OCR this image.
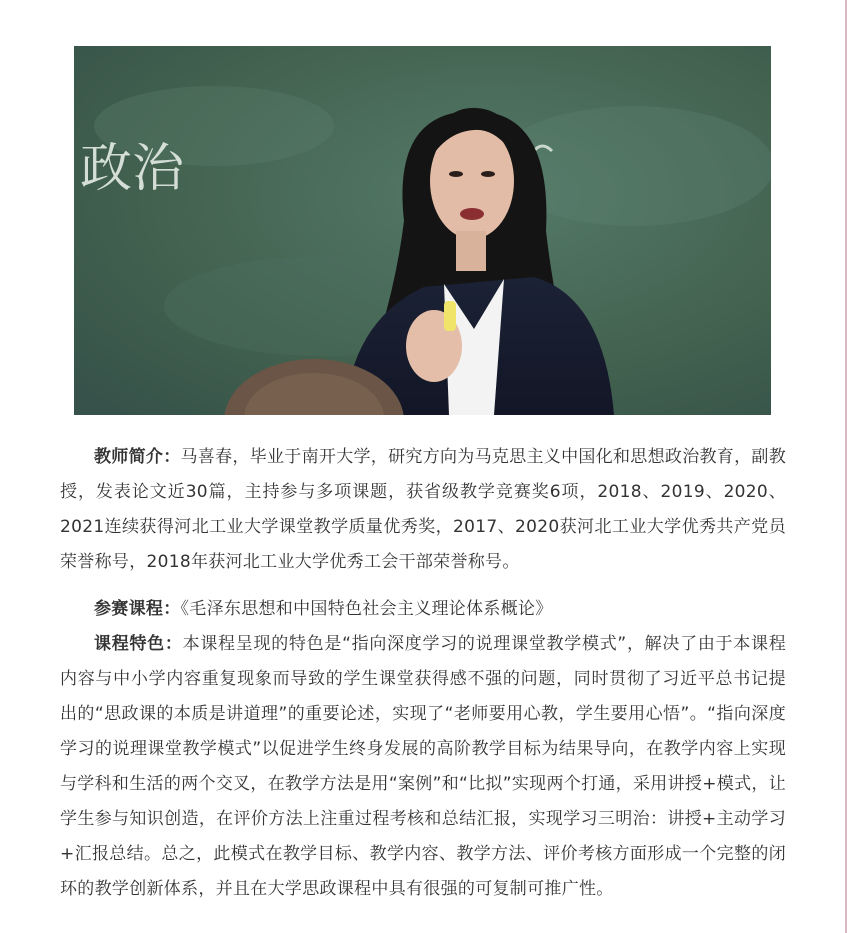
政治

教师简介：马喜春，毕业于南开大学，研究方向为马克思主义中国化和思想政治教育，副教授，发表论文近30篇，主持参与多项课题，获省级教学竞赛奖6项，2018、2019、2020、2021连续获得河北工业大学课堂教学质量优秀奖，2017、2020获河北工业大学优秀共产党员荣誉称号，2018年获河北工业大学优秀工会干部荣誉称号。

参赛课程：《毛泽东思想和中国特色社会主义理论体系概论》

课程特色：本课程呈现的特色是“指向深度学习的说理课堂教学模式”，解决了由于本课程内容与中小学内容重复现象而导致的学生课堂获得感不强的问题，同时贯彻了习近平总书记提出的“思政课的本质是讲道理”的重要论述，实现了“老师要用心教，学生要用心悟”。“指向深度学习的说理课堂教学模式”以促进学生终身发展的高阶教学目标为结果导向，在教学内容上实现与学科和生活的两个交叉，在教学方法是用“案例”和“比拟”实现两个打通，采用讲授+模式，让学生参与知识创造，在评价方法上注重过程考核和总结汇报，实现学习三明治：讲授+主动学习+汇报总结。总之，此模式在教学目标、教学内容、教学方法、评价考核方面形成一个完整的闭环的教学创新体系，并且在大学思政课程中具有很强的可复制可推广性。
